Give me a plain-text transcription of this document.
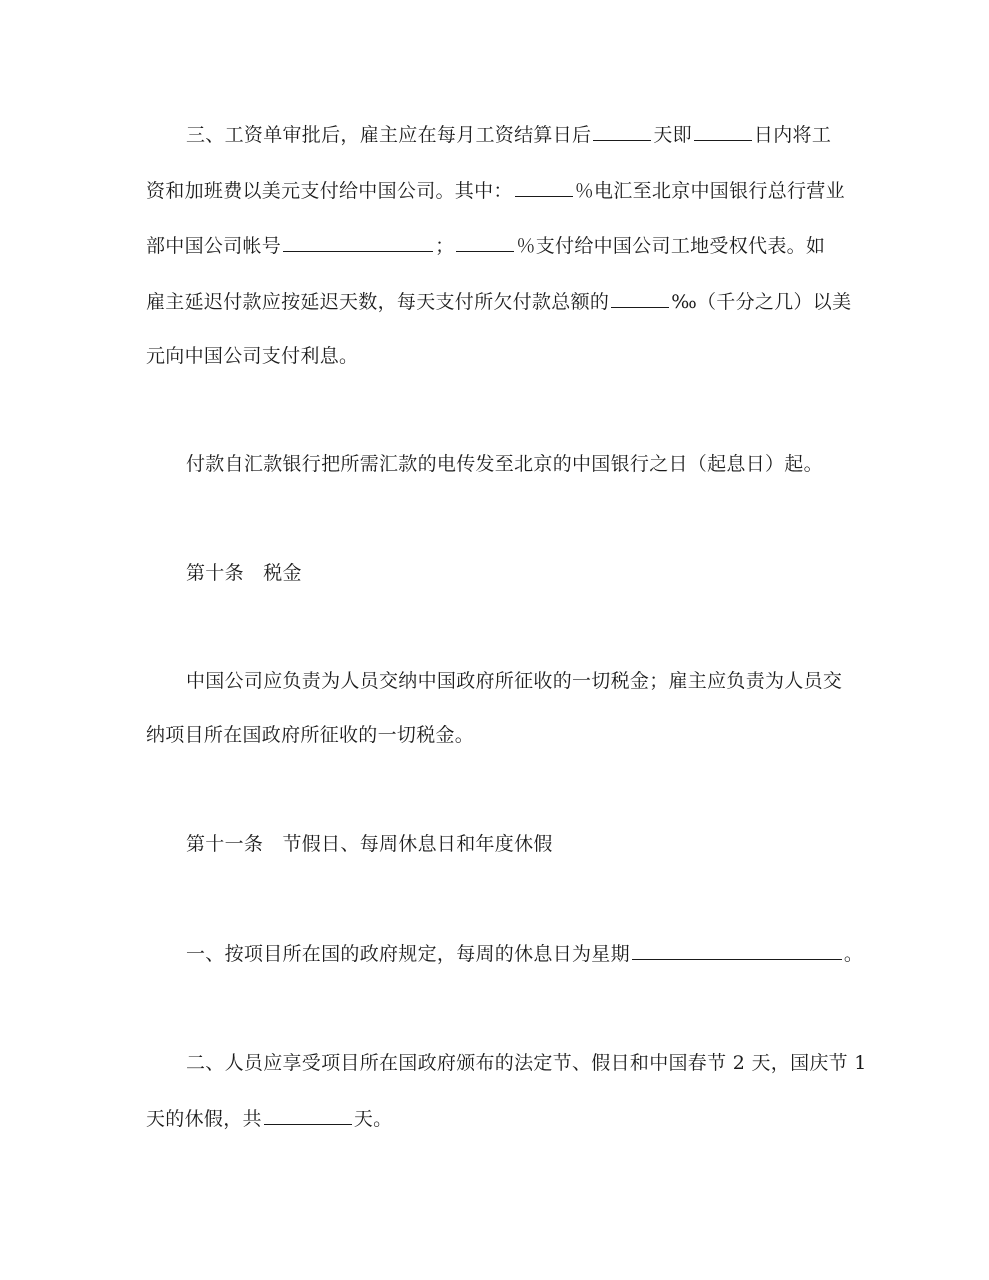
三、工资单审批后，雇主应在每月工资结算日后	天即	日内将工
资和加班费以美元支付给中国公司。其中：	％电汇至北京中国银行总行营业
部中国公司帐号	；	％支付给中国公司工地受权代表。如
雇主延迟付款应按延迟天数，每天支付所欠付款总额的	‰（千分之几）以美
元向中国公司支付利息。
付款自汇款银行把所需汇款的电传发至北京的中国银行之日（起息日）起。
第十条　税金
中国公司应负责为人员交纳中国政府所征收的一切税金；雇主应负责为人员交
纳项目所在国政府所征收的一切税金。
第十一条　节假日、每周休息日和年度休假
一、按项目所在国的政府规定，每周的休息日为星期	。
二、人员应享受项目所在国政府颁布的法定节、假日和中国春节 2 天，国庆节 1
天的休假，共	天。
